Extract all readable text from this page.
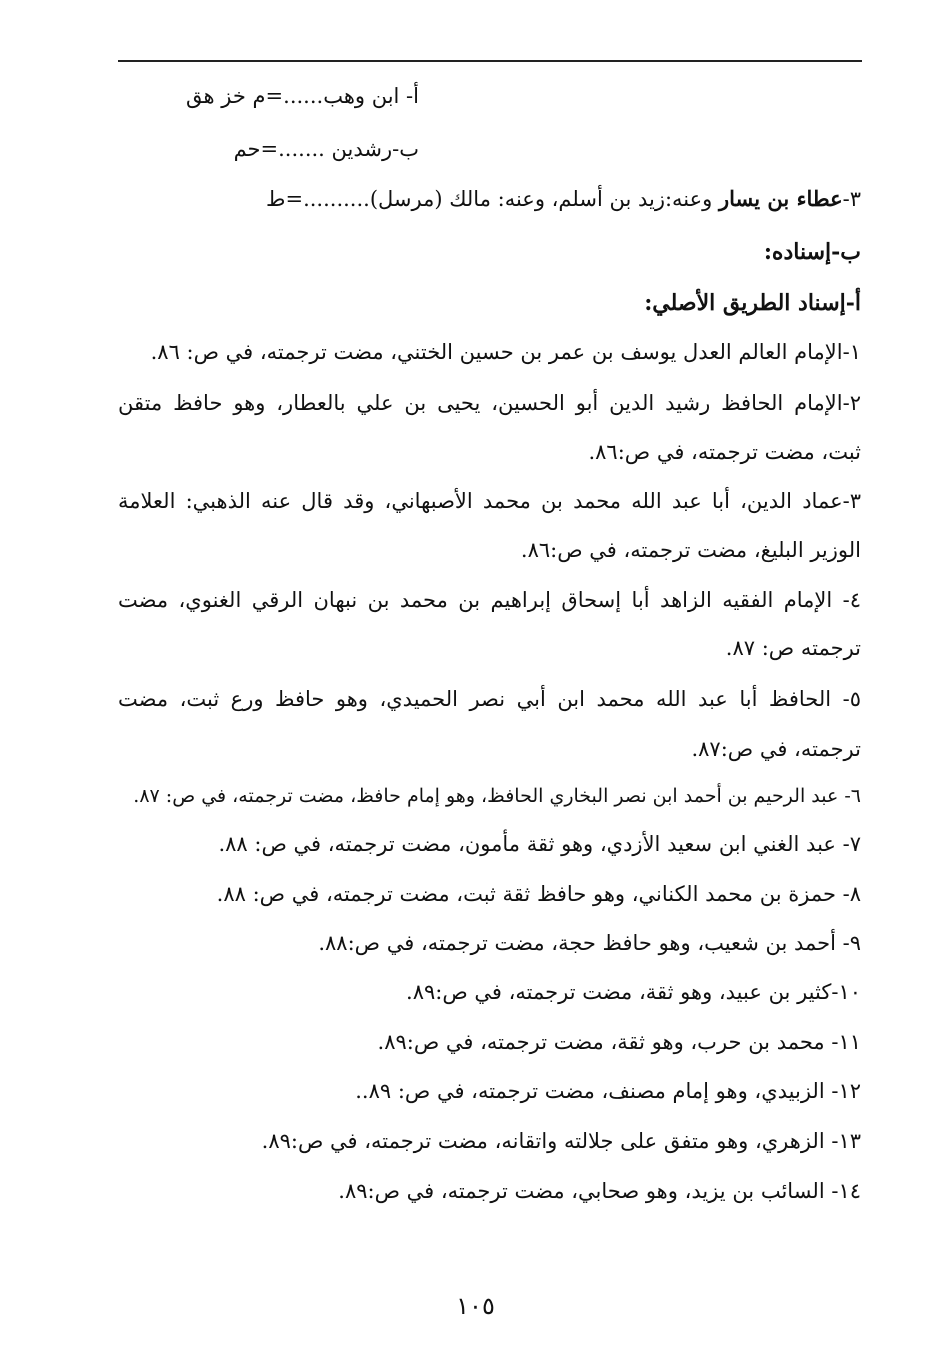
أ- ابن وهب......=م خز هق
ب-رشدين .......=حم
٣-عطاء بن يسار وعنه:زيد بن أسلم، وعنه: مالك (مرسل)..........=ط
ب-إسناده:
أ-إسناد الطريق الأصلي:
١-الإمام العالم العدل يوسف بن عمر بن حسين الختني، مضت ترجمته، في ص: ٨٦.
٢-الإمام الحافظ رشيد الدين أبو الحسين، يحيى بن علي بالعطار، وهو حافظ متقن
ثبت، مضت ترجمته، في ص:٨٦.
٣-عماد الدين، أبا عبد الله محمد بن محمد الأصبهاني، وقد قال عنه الذهبي: العلامة
الوزير البليغ، مضت ترجمته، في ص:٨٦.
٤- الإمام الفقيه الزاهد أبا إسحاق إبراهيم بن محمد بن نبهان الرقي الغنوي، مضت
ترجمته ص: ٨٧.
٥- الحافظ أبا عبد الله محمد ابن أبي نصر الحميدي، وهو حافظ ورع ثبت، مضت
ترجمته، في ص:٨٧.
٦- عبد الرحيم بن أحمد ابن نصر البخاري الحافظ، وهو إمام حافظ، مضت ترجمته، في ص: ٨٧.
٧- عبد الغني ابن سعيد الأزدي، وهو ثقة مأمون، مضت ترجمته، في ص: ٨٨.
٨- حمزة بن محمد الكناني، وهو حافظ ثقة ثبت، مضت ترجمته، في ص: ٨٨.
٩- أحمد بن شعيب، وهو حافظ حجة، مضت ترجمته، في ص:٨٨.
١٠-كثير بن عبيد، وهو ثقة، مضت ترجمته، في ص:٨٩.
١١- محمد بن حرب، وهو ثقة، مضت ترجمته، في ص:٨٩.
١٢- الزبيدي، وهو إمام مصنف، مضت ترجمته، في ص: ٨٩..
١٣- الزهري، وهو متفق على جلالته واتقانه، مضت ترجمته، في ص:٨٩.
١٤- السائب بن يزيد، وهو صحابي، مضت ترجمته، في ص:٨٩.
١٠٥
